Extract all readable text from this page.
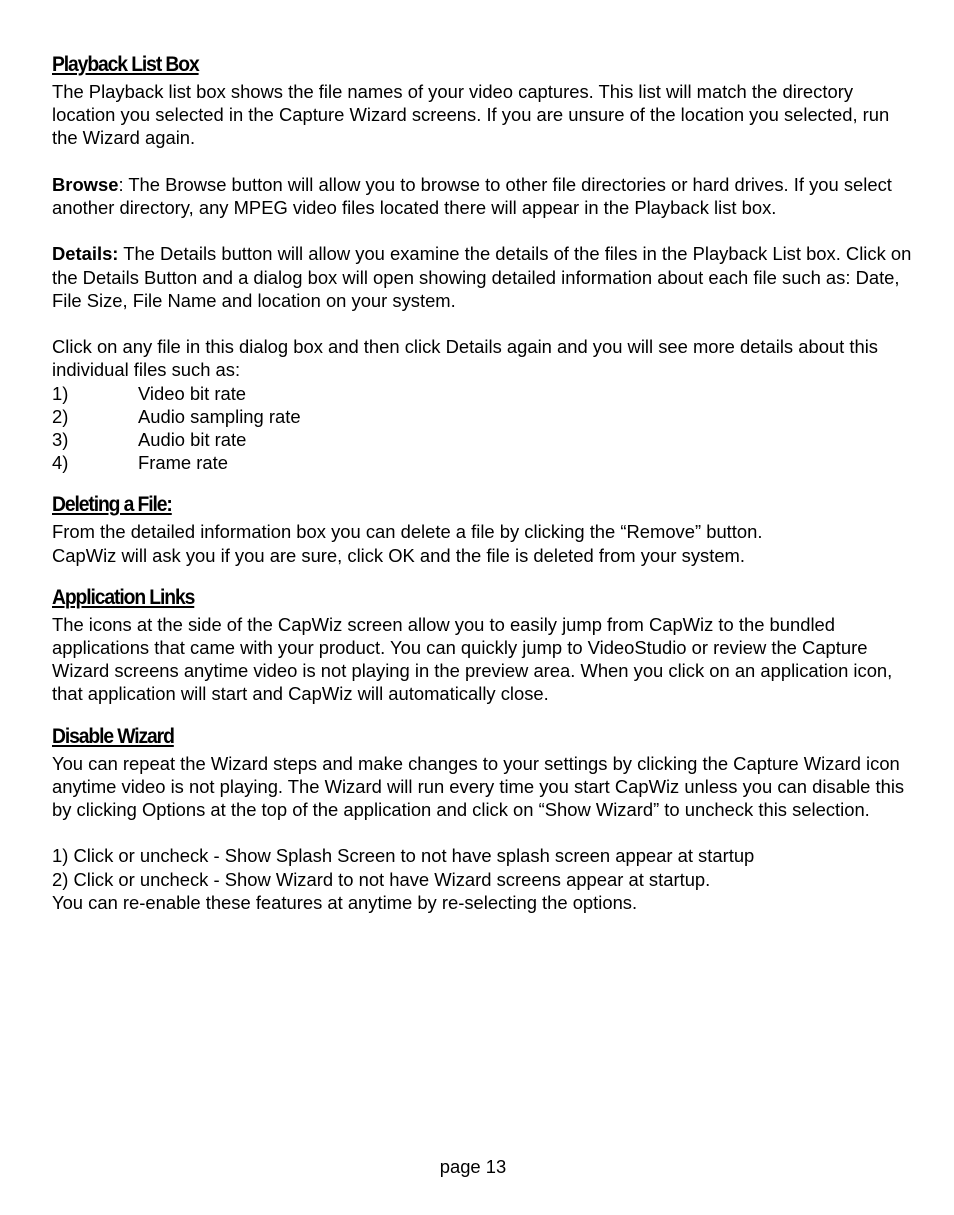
Playback List Box

The Playback list box shows the file names of your video captures. This list will match the directory location you selected in the Capture Wizard screens. If you are unsure of the location you selected, run the Wizard again.

Browse: The Browse button will allow you to browse to other file directories or hard drives. If you select another directory, any MPEG video files located there will appear in the Playback list box.

Details: The Details button will allow you examine the details of the files in the Playback List box. Click on the Details Button and a dialog box will open showing detailed information about each file such as: Date, File Size, File Name and location on your system.

Click on any file in this dialog box and then click Details again and you will see more details about this individual files such as:

1)	Video bit rate
2)	Audio sampling rate
3)	Audio bit rate
4)	Frame rate
Deleting a File:

From the detailed information box you can delete a file by clicking the “Remove” button.

CapWiz will ask you if you are sure, click OK and the file is deleted from your system.

Application Links

The icons at the side of the CapWiz screen allow you to easily jump from CapWiz to the bundled applications that came with your product. You can quickly jump to VideoStudio or review the Capture Wizard screens anytime video is not playing in the preview area. When you click on an application icon, that application will start and CapWiz will automatically close.

Disable Wizard

You can repeat the Wizard steps and make changes to your settings by clicking the Capture Wizard icon anytime video is not playing. The Wizard will run every time you start CapWiz unless you can disable this by clicking Options at the top of the application and click on “Show Wizard” to uncheck this selection.

1) Click or uncheck - Show Splash Screen to not have splash screen appear at startup

2) Click or uncheck - Show Wizard to not have Wizard screens appear at startup.

You can re-enable these features at anytime by re-selecting the options.

page 13
